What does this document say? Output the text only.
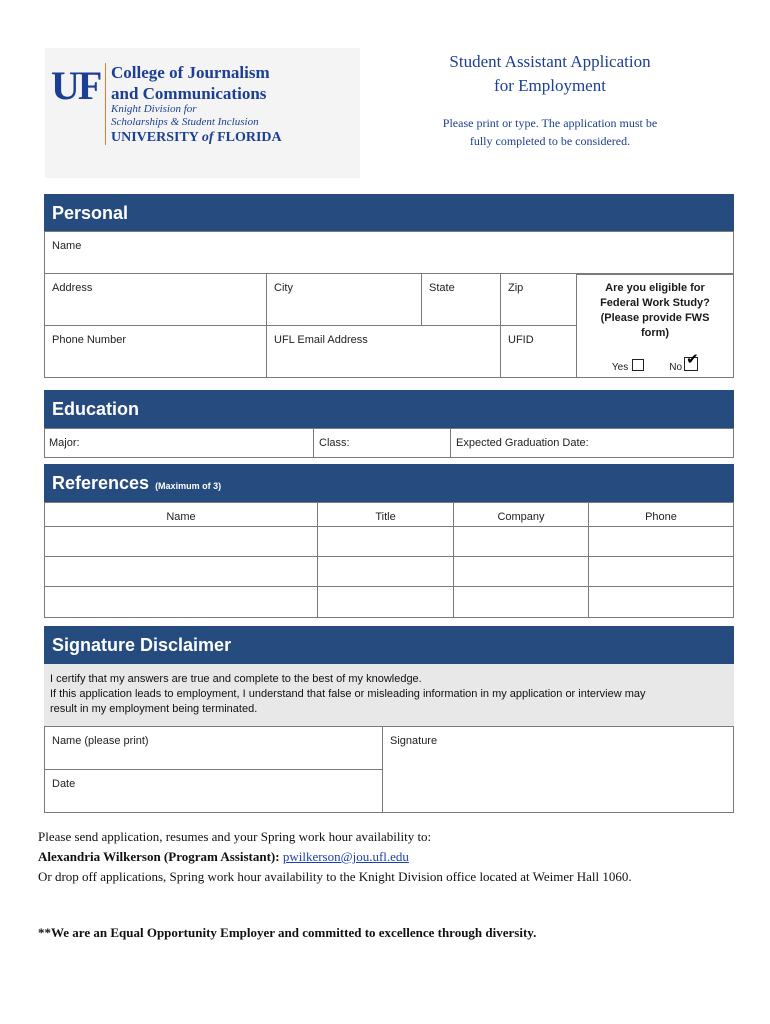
UF College of Journalism
and Communications
Knight Division for
Scholarships & Student Inclusion
UNIVERSITY of FLORIDA
Student Assistant Application
for Employment
Please print or type. The application must be
fully completed to be considered.
Personal
Name
Address	City	State	Zip
Phone Number	UFL Email Address	UFID
Are you eligible for Federal Work Study? (Please provide FWS form)
Yes	No✔
Education
Major:	Class:	Expected Graduation Date:
References (Maximum of 3)
Name	Title	Company	Phone
Signature Disclaimer
I certify that my answers are true and complete to the best of my knowledge.
If this application leads to employment, I understand that false or misleading information in my application or interview may
result in my employment being terminated.
Name (please print)	Signature
Date
Please send application, resumes and your Spring work hour availability to:
Alexandria Wilkerson (Program Assistant): pwilkerson@jou.ufl.edu
Or drop off applications, Spring work hour availability to the Knight Division office located at Weimer Hall 1060.
**We are an Equal Opportunity Employer and committed to excellence through diversity.
